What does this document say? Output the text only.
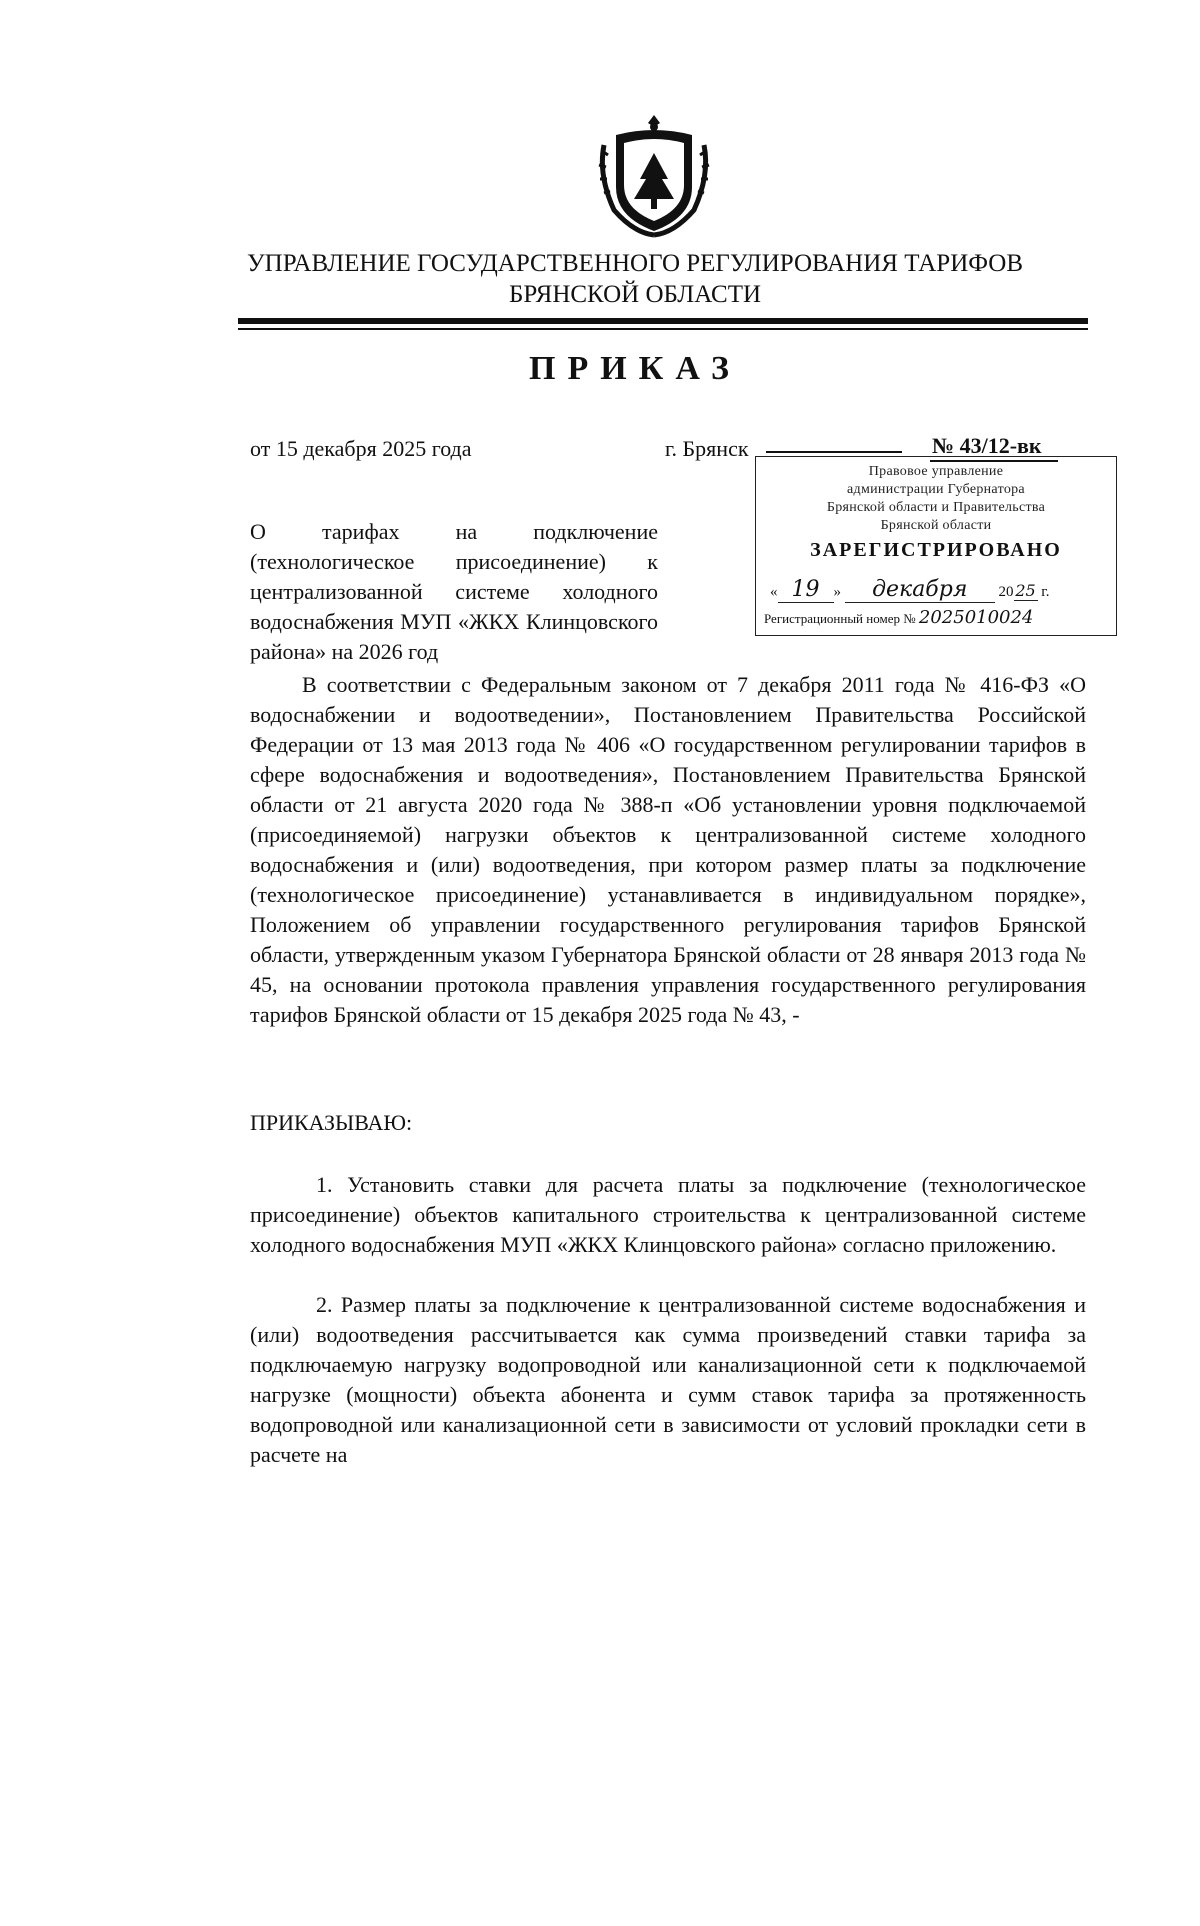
УПРАВЛЕНИЕ ГОСУДАРСТВЕННОГО РЕГУЛИРОВАНИЯ ТАРИФОВ
БРЯНСКОЙ ОБЛАСТИ
ПРИКАЗ
от 15 декабря 2025 года	г. Брянск	№ 43/12-вк
Правовое управление
администрации Губернатора
Брянской области и Правительства
Брянской области
ЗАРЕГИСТРИРОВАНО
« 19 » декабря 20 25 г.
Регистрационный номер № 2025010024
О тарифах на подключение (технологическое присоединение) к централизованной системе холодного водоснабжения МУП «ЖКХ Клинцовского района» на 2026 год
В соответствии с Федеральным законом от 7 декабря 2011 года № 416-ФЗ «О водоснабжении и водоотведении», Постановлением Правительства Российской Федерации от 13 мая 2013 года № 406 «О государственном регулировании тарифов в сфере водоснабжения и водоотведения», Постановлением Правительства Брянской области от 21 августа 2020 года № 388-п «Об установлении уровня подключаемой (присоединяемой) нагрузки объектов к централизованной системе холодного водоснабжения и (или) водоотведения, при котором размер платы за подключение (технологическое присоединение) устанавливается в индивидуальном порядке», Положением об управлении государственного регулирования тарифов Брянской области, утвержденным указом Губернатора Брянской области от 28 января 2013 года № 45, на основании протокола правления управления государственного регулирования тарифов Брянской области от 15 декабря 2025 года № 43, -
ПРИКАЗЫВАЮ:
1. Установить ставки для расчета платы за подключение (технологическое присоединение) объектов капитального строительства к централизованной системе холодного водоснабжения МУП «ЖКХ Клинцовского района» согласно приложению.
2. Размер платы за подключение к централизованной системе водоснабжения и (или) водоотведения рассчитывается как сумма произведений ставки тарифа за подключаемую нагрузку водопроводной или канализационной сети к подключаемой нагрузке (мощности) объекта абонента и сумм ставок тарифа за протяженность водопроводной или канализационной сети в зависимости от условий прокладки сети в расчете на
